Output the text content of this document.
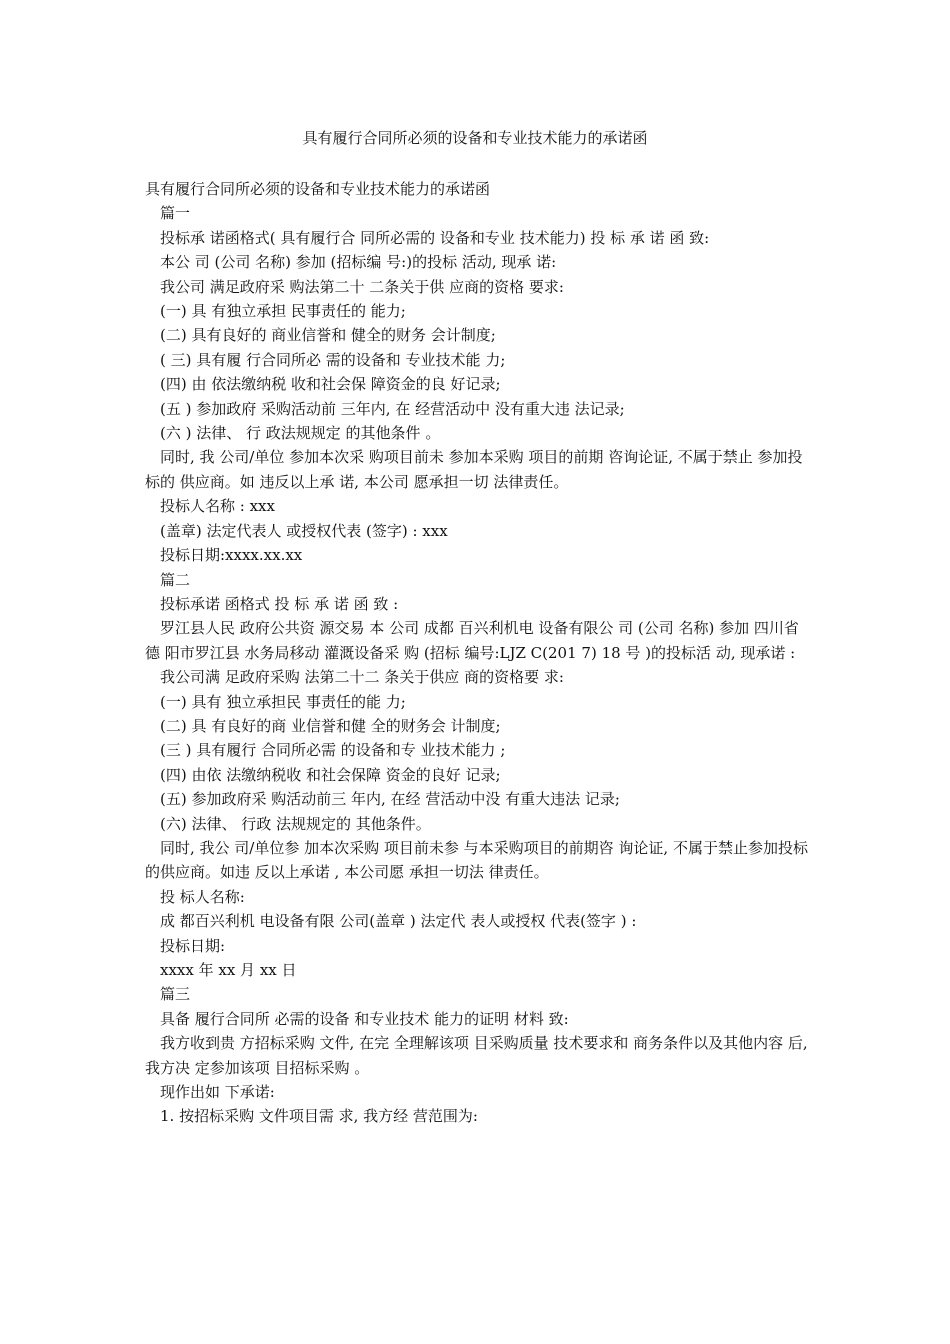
具有履行合同所必须的设备和专业技术能力的承诺函

具有履行合同所必须的设备和专业技术能力的承诺函

篇一

投标承 诺函格式( 具有履行合 同所必需的 设备和专业 技术能力) 投 标 承 诺 函 致:

本公 司 (公司 名称) 参加 (招标编 号:)的投标 活动, 现承 诺:

我公司 满足政府采 购法第二十 二条关于供 应商的资格 要求:

(一) 具 有独立承担 民事责任的 能力;

(二) 具有良好的 商业信誉和 健全的财务 会计制度;

( 三) 具有履 行合同所必 需的设备和 专业技术能 力;

(四) 由 依法缴纳税 收和社会保 障资金的良 好记录;

(五 ) 参加政府 采购活动前 三年内, 在 经营活动中 没有重大违 法记录;

(六 ) 法律、 行 政法规规定 的其他条件 。

同时, 我 公司/单位 参加本次采 购项目前未 参加本采购 项目的前期 咨询论证, 不属于禁止 参加投标的 供应商。如 违反以上承 诺, 本公司 愿承担一切 法律责任。

投标人名称 : xxx

(盖章) 法定代表人 或授权代表 (签字) : xxx

投标日期:xxxx.xx.xx

篇二

投标承诺 函格式 投 标 承 诺 函 致 :

罗江县人民 政府公共资 源交易 本 公司 成都 百兴利机电 设备有限公 司 (公司 名称) 参加 四川省德 阳市罗江县 水务局移动 灌溉设备采 购 (招标 编号:LJZ C(201 7) 18 号 )的投标活 动, 现承诺 :

我公司满 足政府采购 法第二十二 条关于供应 商的资格要 求:

(一) 具有 独立承担民 事责任的能 力;

(二) 具 有良好的商 业信誉和健 全的财务会 计制度;

(三 ) 具有履行 合同所必需 的设备和专 业技术能力 ;

(四) 由依 法缴纳税收 和社会保障 资金的良好 记录;

(五) 参加政府采 购活动前三 年内, 在经 营活动中没 有重大违法 记录;

(六) 法律、 行政 法规规定的 其他条件。

同时, 我公 司/单位参 加本次采购 项目前未参 与本采购项目的前期咨 询论证, 不属于禁止参加投标的供应商。如违 反以上承诺 , 本公司愿 承担一切法 律责任。

投 标人名称:

成 都百兴利机 电设备有限 公司(盖章 ) 法定代 表人或授权 代表(签字 ) :

投标日期:

xxxx 年 xx 月 xx 日

篇三

具备 履行合同所 必需的设备 和专业技术 能力的证明 材料 致:

我方收到贵 方招标采购 文件, 在完 全理解该项 目采购质量 技术要求和 商务条件以及其他内容 后, 我方决 定参加该项 目招标采购 。

现作出如 下承诺:

1. 按招标采购 文件项目需 求, 我方经 营范围为:
